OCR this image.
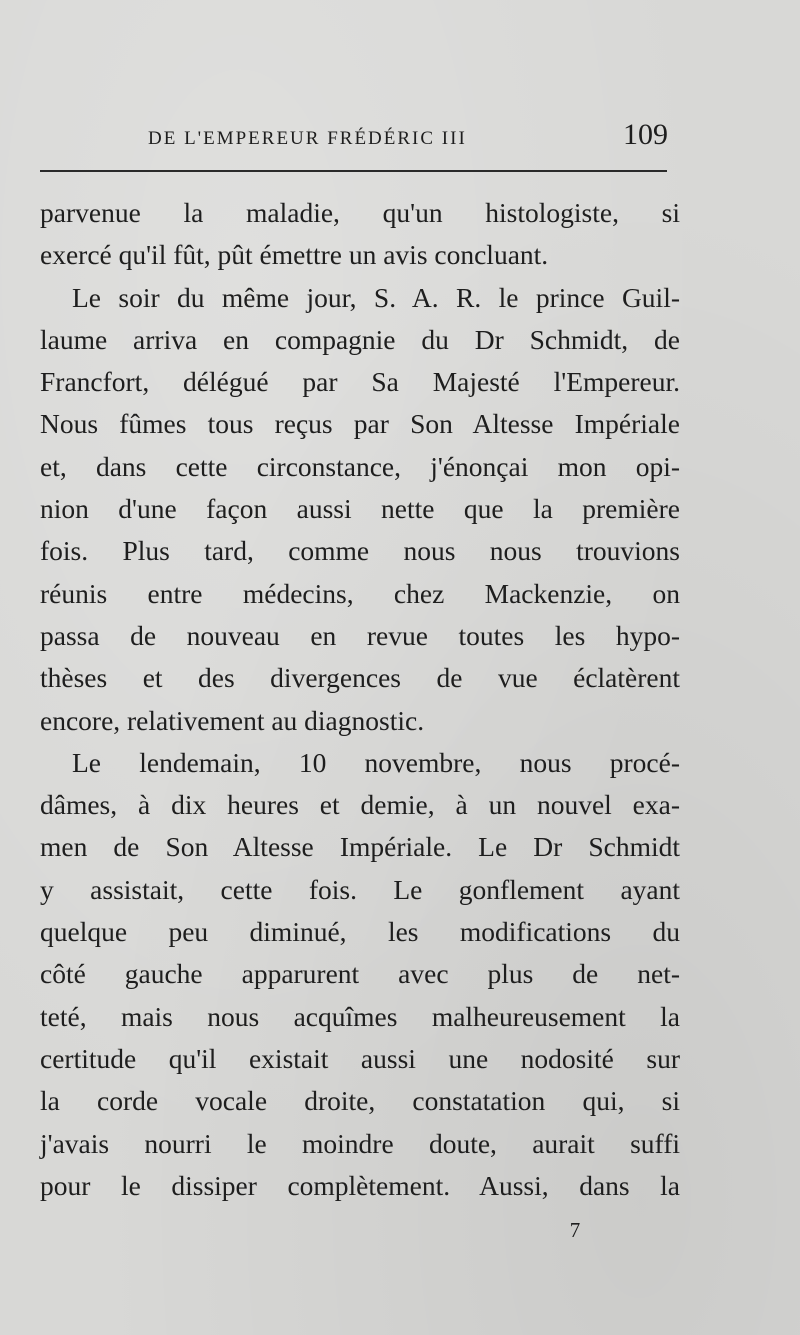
DE L'EMPEREUR FRÉDÉRIC III	109
parvenue la maladie, qu'un histologiste, si
exercé qu'il fût, pût émettre un avis concluant.
Le soir du même jour, S. A. R. le prince Guil-
laume arriva en compagnie du Dr Schmidt, de
Francfort, délégué par Sa Majesté l'Empereur.
Nous fûmes tous reçus par Son Altesse Impériale
et, dans cette circonstance, j'énonçai mon opi-
nion d'une façon aussi nette que la première
fois. Plus tard, comme nous nous trouvions
réunis entre médecins, chez Mackenzie, on
passa de nouveau en revue toutes les hypo-
thèses et des divergences de vue éclatèrent
encore, relativement au diagnostic.
Le lendemain, 10 novembre, nous procé-
dâmes, à dix heures et demie, à un nouvel exa-
men de Son Altesse Impériale. Le Dr Schmidt
y assistait, cette fois. Le gonflement ayant
quelque peu diminué, les modifications du
côté gauche apparurent avec plus de net-
teté, mais nous acquîmes malheureusement la
certitude qu'il existait aussi une nodosité sur
la corde vocale droite, constatation qui, si
j'avais nourri le moindre doute, aurait suffi
pour le dissiper complètement. Aussi, dans la
7
